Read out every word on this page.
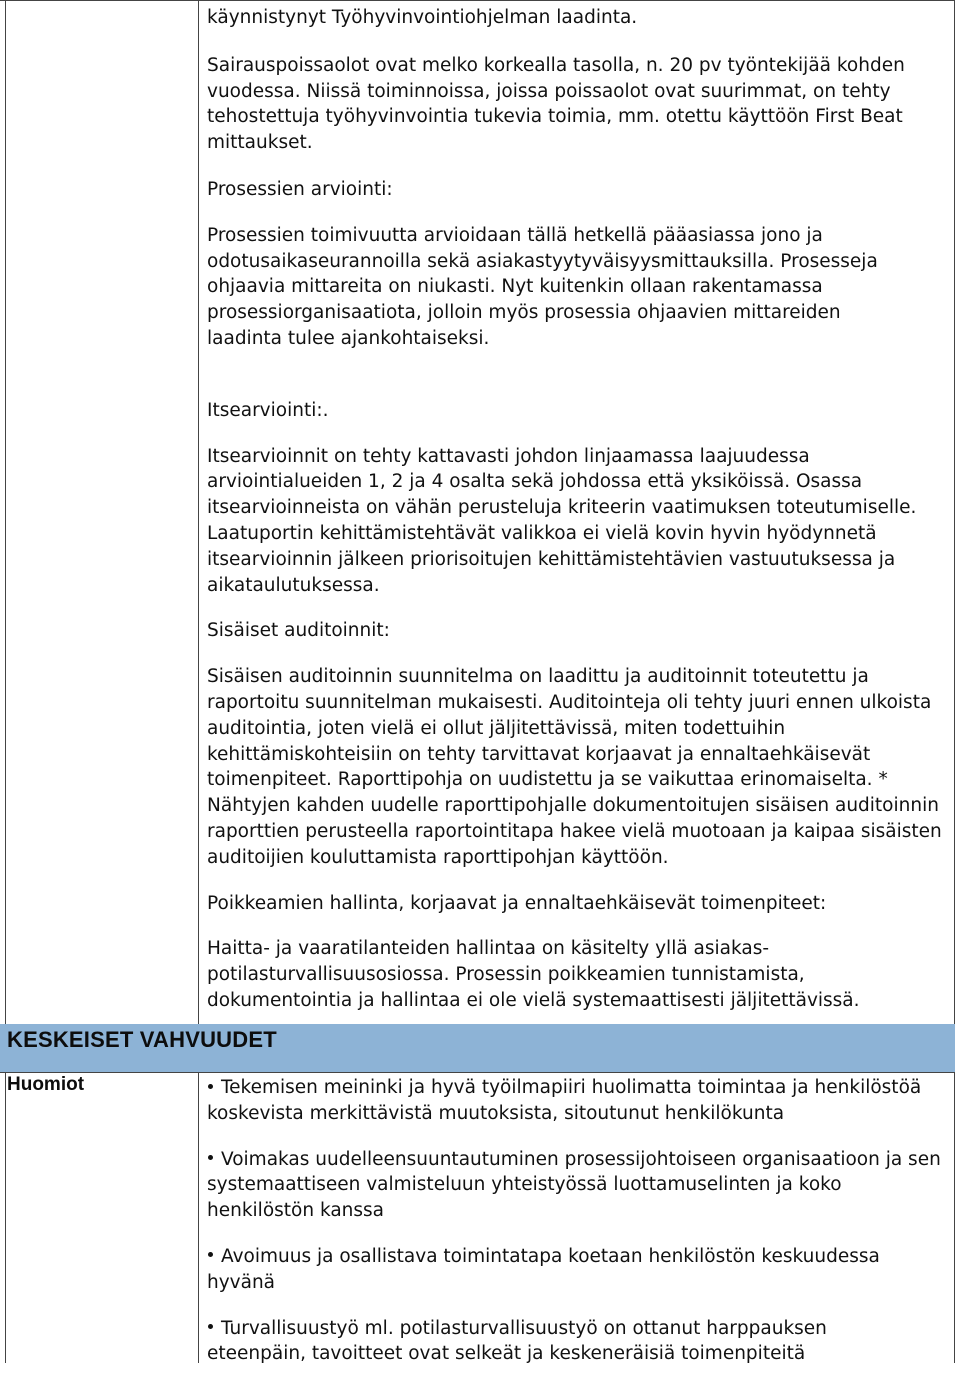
käynnistynyt Työhyvinvointiohjelman laadinta.

Sairauspoissaolot ovat melko korkealla tasolla, n. 20 pv työntekijää kohden vuodessa. Niissä toiminnoissa, joissa poissaolot ovat suurimmat, on tehty tehostettuja työhyvinvointia tukevia toimia, mm. otettu käyttöön First Beat mittaukset.

Prosessien arviointi:

Prosessien toimivuutta arvioidaan tällä hetkellä pääasiassa jono ja odotusaikaseurannoilla sekä asiakastyytyväisyysmittauksilla. Prosesseja ohjaavia mittareita on niukasti. Nyt kuitenkin ollaan rakentamassa prosessiorganisaatiota, jolloin myös prosessia ohjaavien mittareiden laadinta tulee ajankohtaiseksi.

Itsearviointi:.

Itsearvioinnit on tehty kattavasti johdon linjaamassa laajuudessa arviointialueiden 1, 2 ja 4 osalta sekä johdossa että yksiköissä. Osassa itsearvioinneista on vähän perusteluja kriteerin vaatimuksen toteutumiselle. Laatuportin kehittämistehtävät valikkoa ei vielä kovin hyvin hyödynnetä itsearvioinnin jälkeen priorisoitujen kehittämistehtävien vastuutuksessa ja aikataulutuksessa.

Sisäiset auditoinnit:

Sisäisen auditoinnin suunnitelma on laadittu ja auditoinnit toteutettu ja raportoitu suunnitelman mukaisesti. Auditointeja oli tehty juuri ennen ulkoista auditointia, joten vielä ei ollut jäljitettävissä, miten todettuihin kehittämiskohteisiin on tehty tarvittavat korjaavat ja ennaltaehkäisevät toimenpiteet. Raporttipohja on uudistettu ja se vaikuttaa erinomaiselta. * Nähtyjen kahden uudelle raporttipohjalle dokumentoitujen sisäisen auditoinnin raporttien perusteella raportointitapa hakee vielä muotoaan ja kaipaa sisäisten auditoijien kouluttamista raporttipohjan käyttöön.

Poikkeamien hallinta, korjaavat ja ennaltaehkäisevät toimenpiteet:

Haitta- ja vaaratilanteiden hallintaa on käsitelty yllä asiakas-potilasturvallisuusosiossa. Prosessin poikkeamien tunnistamista, dokumentointia ja hallintaa ei ole vielä systemaattisesti jäljitettävissä.

KESKEISET VAHVUUDET
Huomiot	Tekemisen meininki ja hyvä työilmapiiri huolimatta toimintaa ja henkilöstöä koskevista merkittävistä muutoksista, sitoutunut henkilökunta

Voimakas uudelleensuuntautuminen prosessijohtoiseen organisaatioon ja sen systemaattiseen valmisteluun yhteistyössä luottamuselinten ja koko henkilöstön kanssa

Avoimuus ja osallistava toimintatapa koetaan henkilöstön keskuudessa hyvänä

Turvallisuustyö ml. potilasturvallisuustyö on ottanut harppauksen eteenpäin, tavoitteet ovat selkeät ja keskeneräisiä toimenpiteitä
